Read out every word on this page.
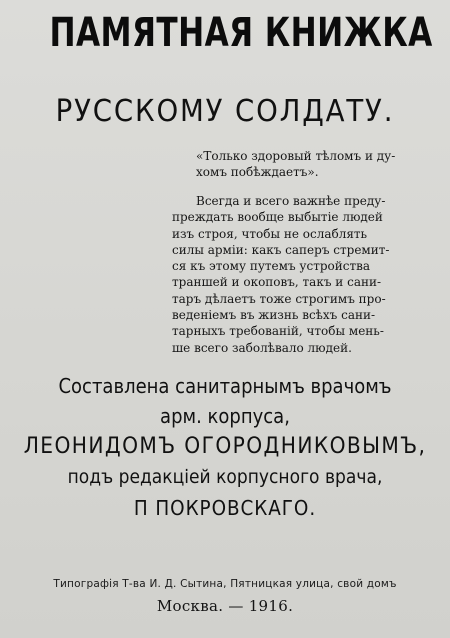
ПАМЯТНАЯ КНИЖКА
РУССКОМУ СОЛДАТУ.
«Только здоровый тѣломъ и ду-
хомъ побѣждаетъ».
Всегда и всего важнѣе преду-
преждать вообще выбытіе людей
изъ строя, чтобы не ослаблять
силы арміи: какъ саперъ стремит-
ся къ этому путемъ устройства
траншей и окоповъ, такъ и сани-
таръ дѣлаетъ тоже строгимъ про-
веденіемъ въ жизнь всѣхъ сани-
тарныхъ требованій, чтобы мень-
ше всего заболѣвало людей.
Составлена санитарнымъ врачомъ
арм. корпуса,
ЛЕОНИДОМЪ ОГОРОДНИКОВЫМЪ,
подъ редакціей корпусного врача,
П ПОКРОВСКАГО.
Типографія Т-ва И. Д. Сытина, Пятницкая улица, свой домъ
Москва. — 1916.
